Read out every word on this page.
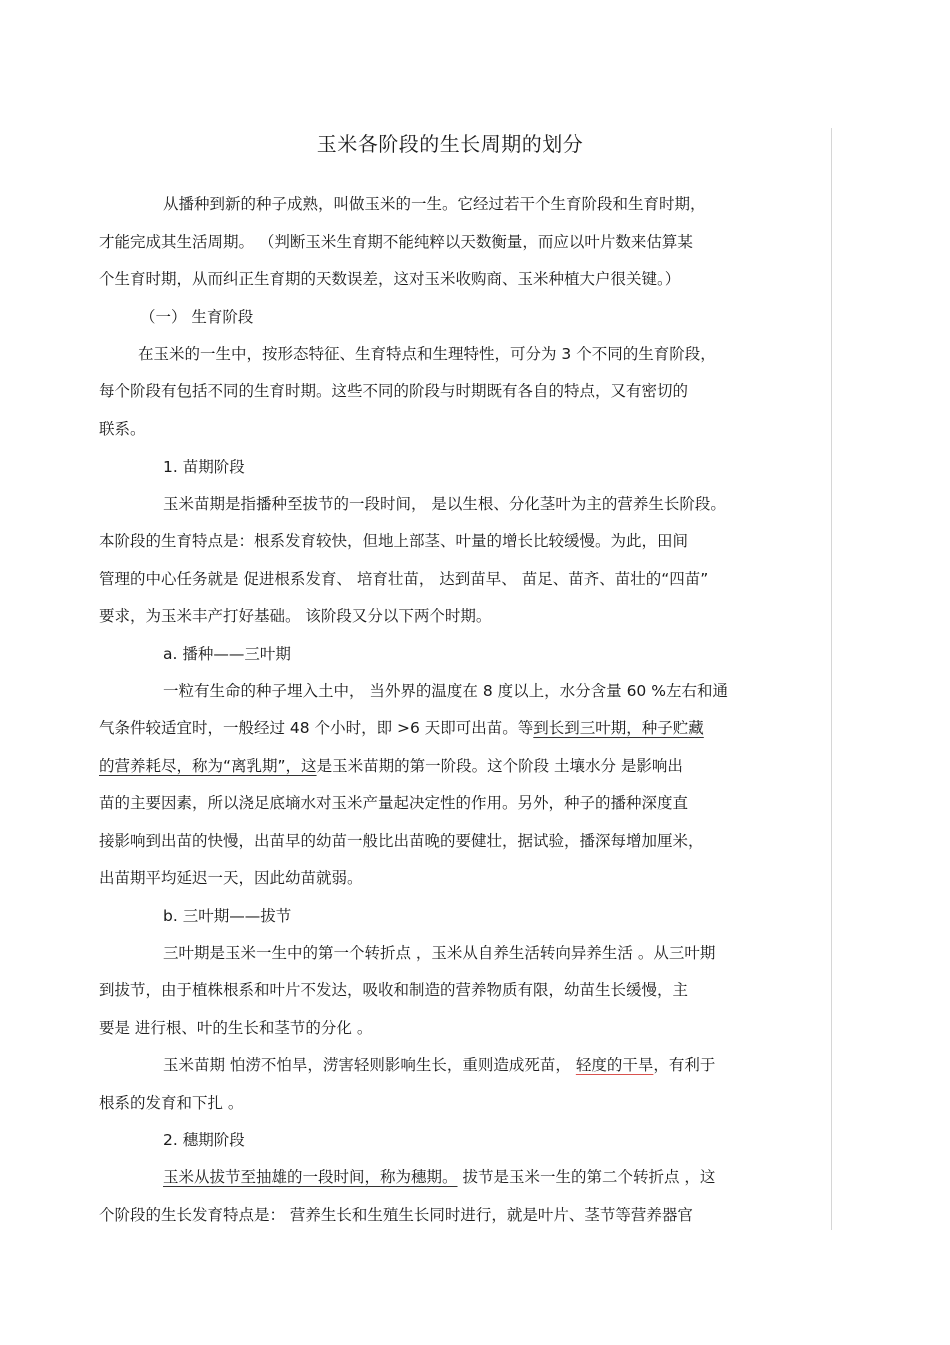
玉米各阶段的生长周期的划分
从播种到新的种子成熟，叫做玉米的一生。它经过若干个生育阶段和生育时期，
才能完成其生活周期。 （判断玉米生育期不能纯粹以天数衡量，而应以叶片数来估算某
个生育时期，从而纠正生育期的天数误差，这对玉米收购商、玉米种植大户很关键。）
（一） 生育阶段
在玉米的一生中，按形态特征、生育特点和生理特性，可分为 3 个不同的生育阶段，
每个阶段有包括不同的生育时期。这些不同的阶段与时期既有各自的特点，又有密切的
联系。
1. 苗期阶段
玉米苗期是指播种至拔节的一段时间， 是以生根、分化茎叶为主的营养生长阶段。
本阶段的生育特点是：根系发育较快，但地上部茎、叶量的增长比较缓慢。为此，田间
管理的中心任务就是 促进根系发育、 培育壮苗， 达到苗早、 苗足、苗齐、苗壮的“四苗”
要求，为玉米丰产打好基础。 该阶段又分以下两个时期。
a. 播种——三叶期
一粒有生命的种子埋入土中， 当外界的温度在 8 度以上，水分含量 60 %左右和通
气条件较适宜时，一般经过 48 个小时，即 >6 天即可出苗。等到长到三叶期，种子贮藏
的营养耗尽，称为“离乳期”，这是玉米苗期的第一阶段。这个阶段 土壤水分 是影响出
苗的主要因素，所以浇足底墒水对玉米产量起决定性的作用。另外，种子的播种深度直
接影响到出苗的快慢，出苗早的幼苗一般比出苗晚的要健壮，据试验，播深每增加厘米，
出苗期平均延迟一天，因此幼苗就弱。
b. 三叶期——拔节
三叶期是玉米一生中的第一个转折点 ，玉米从自养生活转向异养生活 。从三叶期
到拔节，由于植株根系和叶片不发达，吸收和制造的营养物质有限，幼苗生长缓慢，主
要是 进行根、叶的生长和茎节的分化 。
玉米苗期 怕涝不怕旱，涝害轻则影响生长，重则造成死苗， 轻度的干旱，有利于
根系的发育和下扎 。
2. 穗期阶段
玉米从拔节至抽雄的一段时间，称为穗期。 拔节是玉米一生的第二个转折点 ，这
个阶段的生长发育特点是： 营养生长和生殖生长同时进行，就是叶片、茎节等营养器官
